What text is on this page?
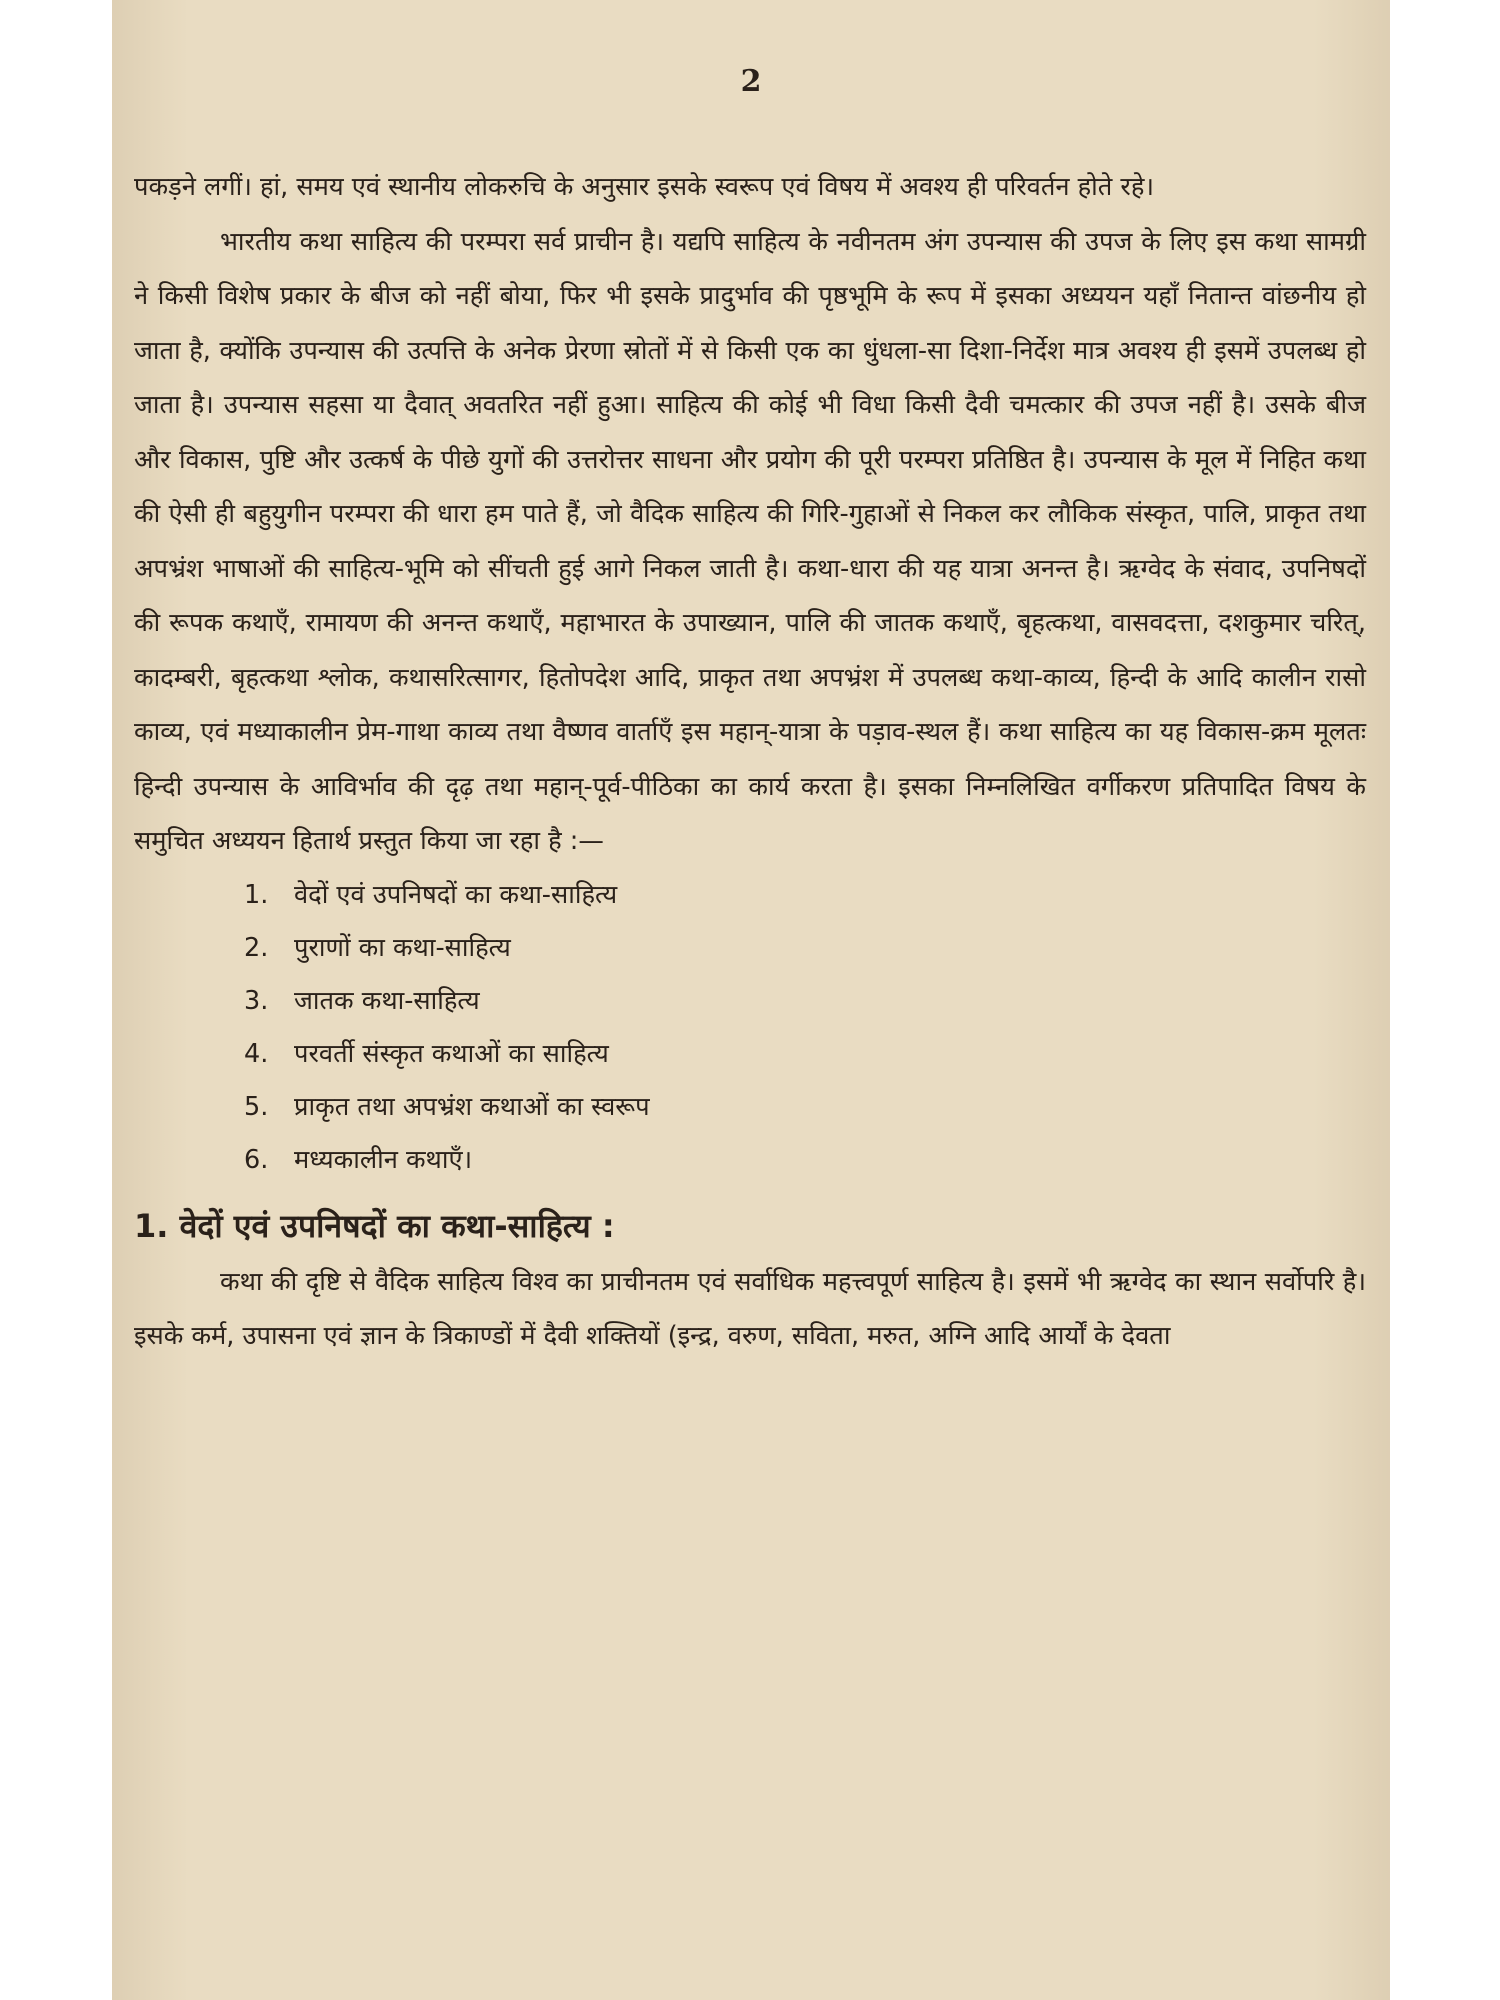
2

पकड़ने लगीं। हां, समय एवं स्थानीय लोकरुचि के अनुसार इसके स्वरूप एवं विषय में अवश्य ही परिवर्तन होते रहे।

भारतीय कथा साहित्य की परम्परा सर्व प्राचीन है। यद्यपि साहित्य के नवीनतम अंग उपन्यास की उपज के लिए इस कथा सामग्री ने किसी विशेष प्रकार के बीज को नहीं बोया, फिर भी इसके प्रादुर्भाव की पृष्ठभूमि के रूप में इसका अध्ययन यहाँ नितान्त वांछनीय हो जाता है, क्योंकि उपन्यास की उत्पत्ति के अनेक प्रेरणा स्रोतों में से किसी एक का धुंधला-सा दिशा-निर्देश मात्र अवश्य ही इसमें उपलब्ध हो जाता है। उपन्यास सहसा या दैवात् अवतरित नहीं हुआ। साहित्य की कोई भी विधा किसी दैवी चमत्कार की उपज नहीं है। उसके बीज और विकास, पुष्टि और उत्कर्ष के पीछे युगों की उत्तरोत्तर साधना और प्रयोग की पूरी परम्परा प्रतिष्ठित है। उपन्यास के मूल में निहित कथा की ऐसी ही बहुयुगीन परम्परा की धारा हम पाते हैं, जो वैदिक साहित्य की गिरि-गुहाओं से निकल कर लौकिक संस्कृत, पालि, प्राकृत तथा अपभ्रंश भाषाओं की साहित्य-भूमि को सींचती हुई आगे निकल जाती है। कथा-धारा की यह यात्रा अनन्त है। ऋग्वेद के संवाद, उपनिषदों की रूपक कथाएँ, रामायण की अनन्त कथाएँ, महाभारत के उपाख्यान, पालि की जातक कथाएँ, बृहत्कथा, वासवदत्ता, दशकुमार चरित्, कादम्बरी, बृहत्कथा श्लोक, कथासरित्सागर, हितोपदेश आदि, प्राकृत तथा अपभ्रंश में उपलब्ध कथा-काव्य, हिन्दी के आदि कालीन रासो काव्य, एवं मध्याकालीन प्रेम-गाथा काव्य तथा वैष्णव वार्ताएँ इस महान्-यात्रा के पड़ाव-स्थल हैं। कथा साहित्य का यह विकास-क्रम मूलतः हिन्दी उपन्यास के आविर्भाव की दृढ़ तथा महान्-पूर्व-पीठिका का कार्य करता है। इसका निम्नलिखित वर्गीकरण प्रतिपादित विषय के समुचित अध्ययन हितार्थ प्रस्तुत किया जा रहा है :—

1. वेदों एवं उपनिषदों का कथा-साहित्य
2. पुराणों का कथा-साहित्य
3. जातक कथा-साहित्य
4. परवर्ती संस्कृत कथाओं का साहित्य
5. प्राकृत तथा अपभ्रंश कथाओं का स्वरूप
6. मध्यकालीन कथाएँ।
1. वेदों एवं उपनिषदों का कथा-साहित्य :

कथा की दृष्टि से वैदिक साहित्य विश्व का प्राचीनतम एवं सर्वाधिक महत्त्वपूर्ण साहित्य है। इसमें भी ऋग्वेद का स्थान सर्वोपरि है। इसके कर्म, उपासना एवं ज्ञान के त्रिकाण्डों में दैवी शक्तियों (इन्द्र, वरुण, सविता, मरुत, अग्नि आदि आर्यों के देवता
